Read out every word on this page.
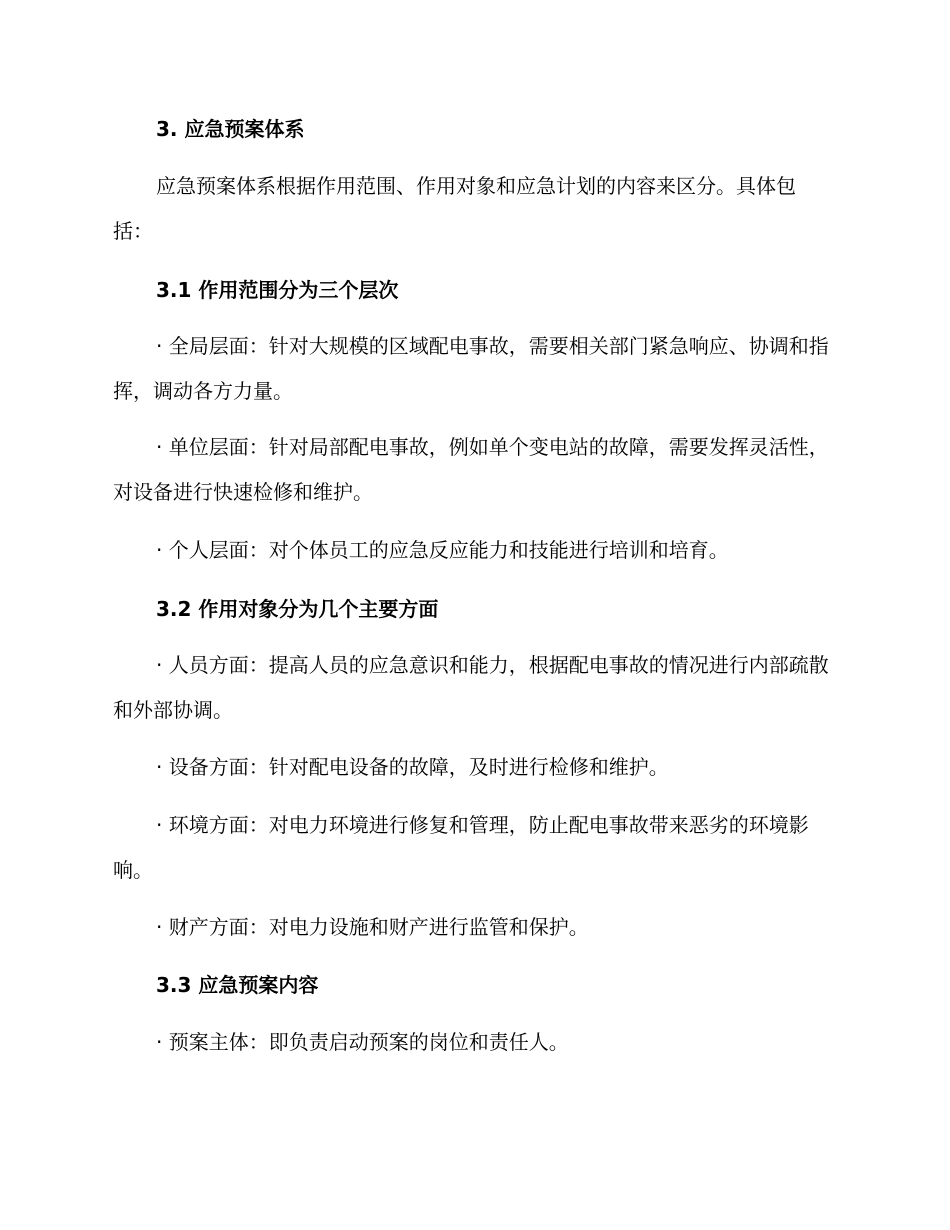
3. 应急预案体系

应急预案体系根据作用范围、作用对象和应急计划的内容来区分。具体包括：

3.1 作用范围分为三个层次

· 全局层面：针对大规模的区域配电事故，需要相关部门紧急响应、协调和指挥，调动各方力量。

· 单位层面：针对局部配电事故，例如单个变电站的故障，需要发挥灵活性，对设备进行快速检修和维护。

· 个人层面：对个体员工的应急反应能力和技能进行培训和培育。

3.2 作用对象分为几个主要方面

· 人员方面：提高人员的应急意识和能力，根据配电事故的情况进行内部疏散和外部协调。

· 设备方面：针对配电设备的故障，及时进行检修和维护。

· 环境方面：对电力环境进行修复和管理，防止配电事故带来恶劣的环境影响。

· 财产方面：对电力设施和财产进行监管和保护。

3.3 应急预案内容

· 预案主体：即负责启动预案的岗位和责任人。
